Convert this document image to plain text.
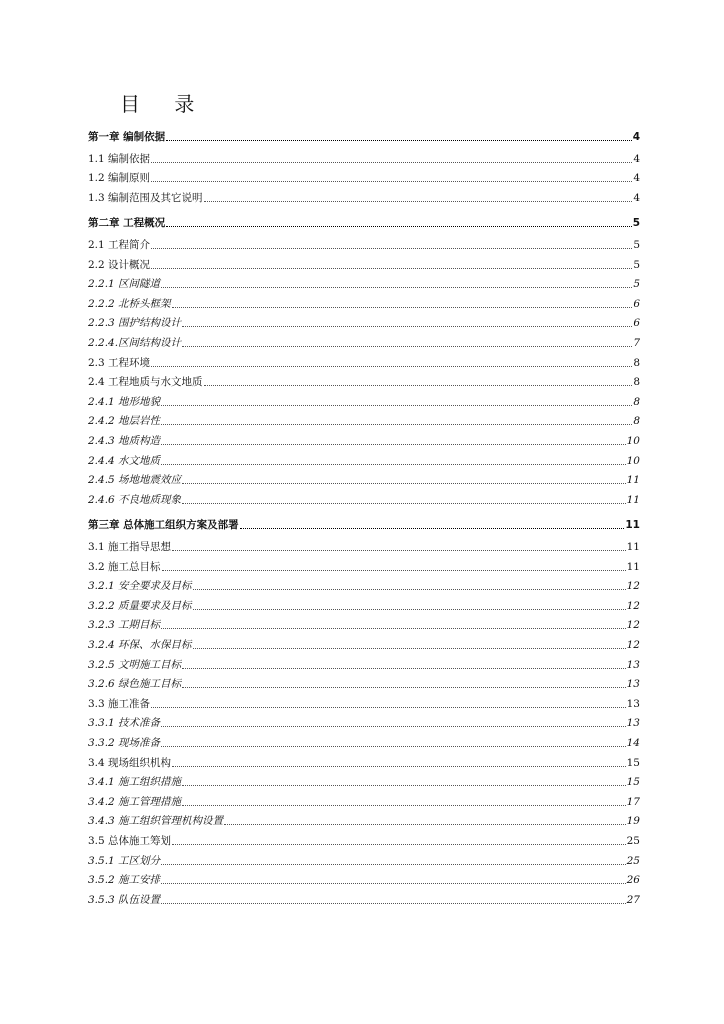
目 录
第一章 编制依据	4
1.1 编制依据	4
1.2 编制原则	4
1.3 编制范围及其它说明	4
第二章 工程概况	5
2.1 工程简介	5
2.2 设计概况	5
2.2.1 区间隧道	5
2.2.2 北桥头框架	6
2.2.3 围护结构设计	6
2.2.4.区间结构设计	7
2.3 工程环境	8
2.4 工程地质与水文地质	8
2.4.1 地形地貌	8
2.4.2 地层岩性	8
2.4.3 地质构造	10
2.4.4 水文地质	10
2.4.5 场地地震效应	11
2.4.6 不良地质现象	11
第三章 总体施工组织方案及部署	11
3.1 施工指导思想	11
3.2 施工总目标	11
3.2.1 安全要求及目标	12
3.2.2 质量要求及目标	12
3.2.3 工期目标	12
3.2.4 环保、水保目标	12
3.2.5 文明施工目标	13
3.2.6 绿色施工目标	13
3.3 施工准备	13
3.3.1 技术准备	13
3.3.2 现场准备	14
3.4 现场组织机构	15
3.4.1 施工组织措施	15
3.4.2 施工管理措施	17
3.4.3 施工组织管理机构设置	19
3.5 总体施工筹划	25
3.5.1 工区划分	25
3.5.2 施工安排	26
3.5.3 队伍设置	27
